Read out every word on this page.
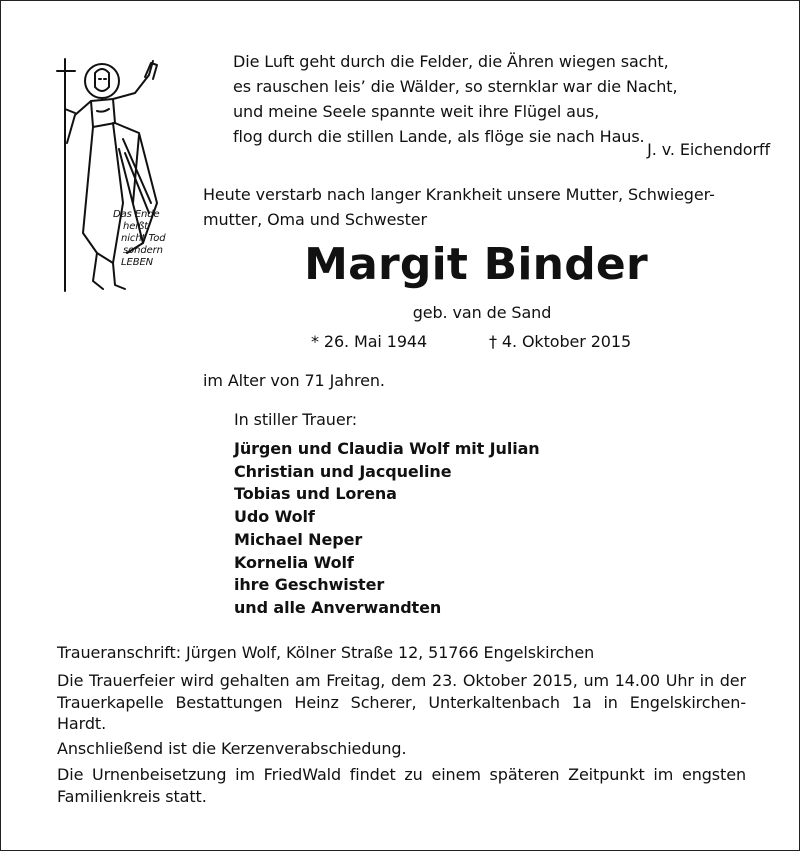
Das Ende
heißt
nicht Tod
sondern
LEBEN
Die Luft geht durch die Felder, die Ähren wiegen sacht,
es rauschen leis’ die Wälder, so sternklar war die Nacht,
und meine Seele spannte weit ihre Flügel aus,
flog durch die stillen Lande, als flöge sie nach Haus.
J. v. Eichendorff
Heute verstarb nach langer Krankheit unsere Mutter, Schwieger-
mutter, Oma und Schwester
Margit Binder
geb. van de Sand
* 26. Mai 1944	† 4. Oktober 2015
im Alter von 71 Jahren.
In stiller Trauer:
Jürgen und Claudia Wolf mit Julian
Christian und Jacqueline
Tobias und Lorena
Udo Wolf
Michael Neper
Kornelia Wolf
ihre Geschwister
und alle Anverwandten
Traueranschrift: Jürgen Wolf, Kölner Straße 12, 51766 Engelskirchen
Die Trauerfeier wird gehalten am Freitag, dem 23. Oktober 2015, um 14.00 Uhr in der Trauerkapelle Bestattungen Heinz Scherer, Unterkaltenbach 1a in Engelskirchen-Hardt.
Anschließend ist die Kerzenverabschiedung.
Die Urnenbeisetzung im FriedWald findet zu einem späteren Zeitpunkt im engsten Familienkreis statt.
